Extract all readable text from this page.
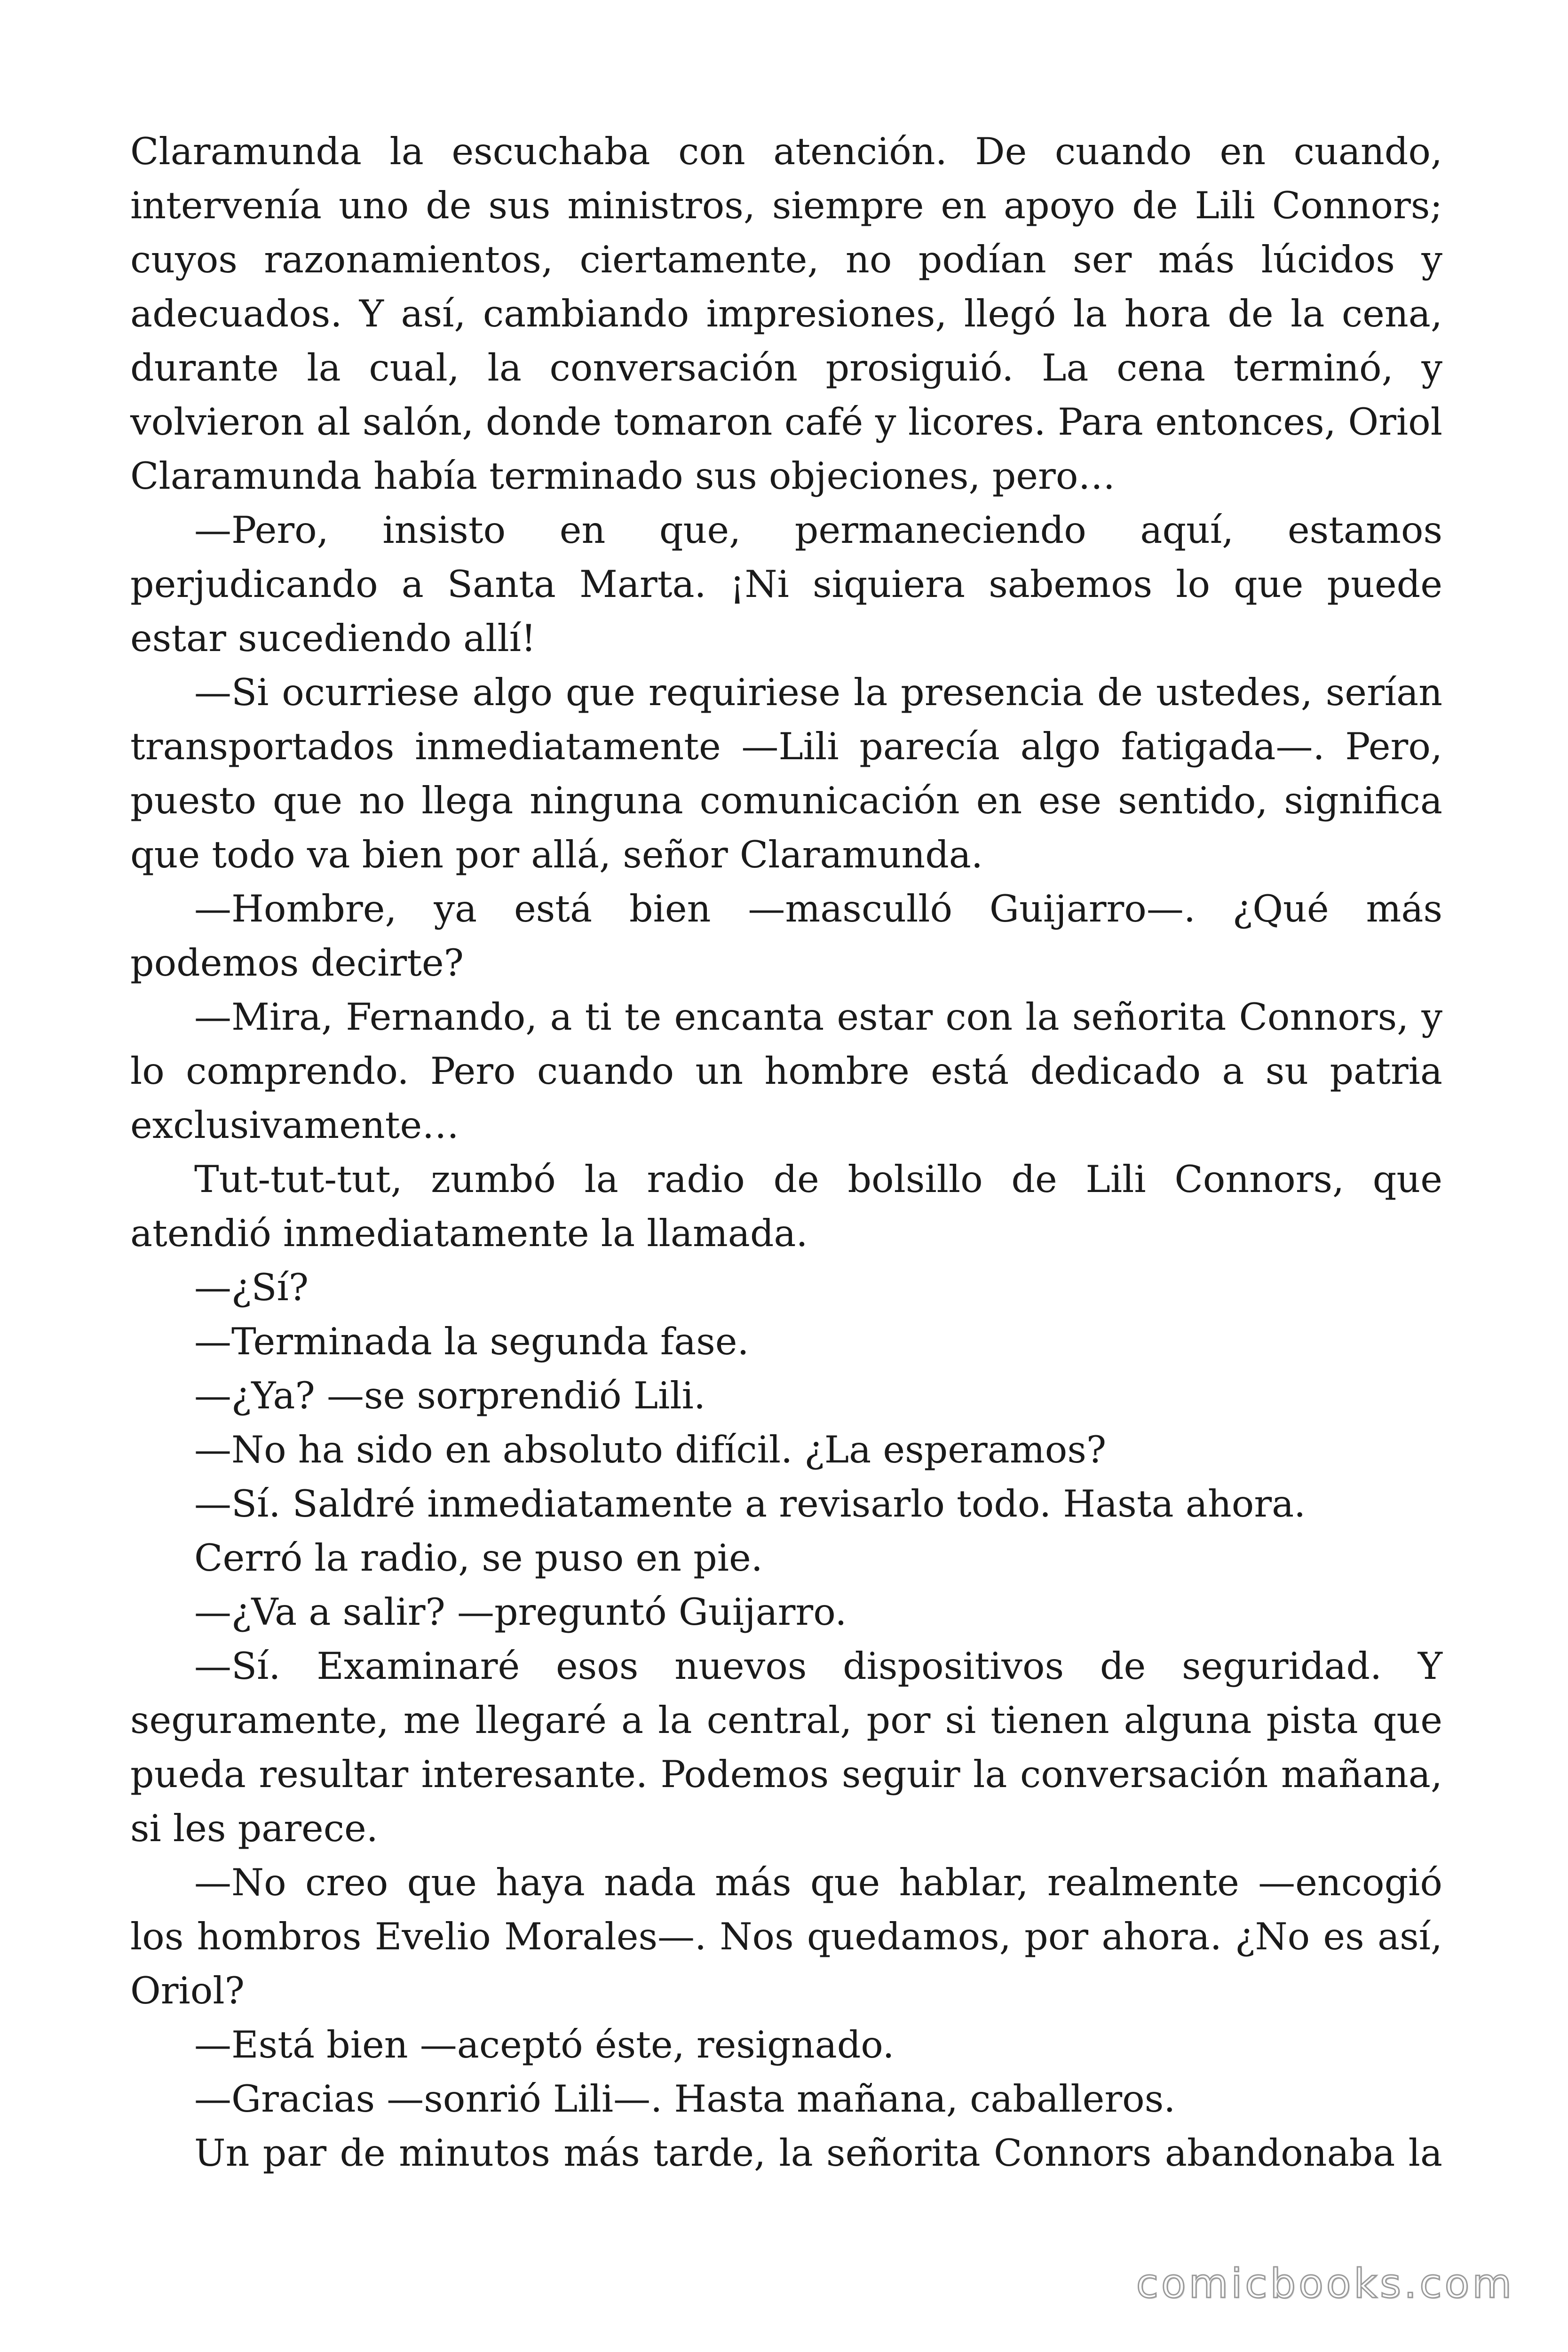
Claramunda la escuchaba con atención. De cuando en cuando, intervenía uno de sus ministros, siempre en apoyo de Lili Connors; cuyos razonamientos, ciertamente, no podían ser más lúcidos y adecuados. Y así, cambiando impresiones, llegó la hora de la cena, durante la cual, la conversación prosiguió. La cena terminó, y volvieron al salón, donde tomaron café y licores. Para entonces, Oriol Claramunda había terminado sus objeciones, pero…

—Pero, insisto en que, permaneciendo aquí, estamos perjudicando a Santa Marta. ¡Ni siquiera sabemos lo que puede estar sucediendo allí!

—Si ocurriese algo que requiriese la presencia de ustedes, serían transportados inmediatamente —Lili parecía algo fatigada—. Pero, puesto que no llega ninguna comunicación en ese sentido, significa que todo va bien por allá, señor Claramunda.

—Hombre, ya está bien —masculló Guijarro—. ¿Qué más podemos decirte?

—Mira, Fernando, a ti te encanta estar con la señorita Connors, y lo comprendo. Pero cuando un hombre está dedicado a su patria exclusivamente…

Tut-tut-tut, zumbó la radio de bolsillo de Lili Connors, que atendió inmediatamente la llamada.

—¿Sí?

—Terminada la segunda fase.

—¿Ya? —se sorprendió Lili.

—No ha sido en absoluto difícil. ¿La esperamos?

—Sí. Saldré inmediatamente a revisarlo todo. Hasta ahora.

Cerró la radio, se puso en pie.

—¿Va a salir? —preguntó Guijarro.

—Sí. Examinaré esos nuevos dispositivos de seguridad. Y seguramente, me llegaré a la central, por si tienen alguna pista que pueda resultar interesante. Podemos seguir la conversación mañana, si les parece.

—No creo que haya nada más que hablar, realmente —encogió los hombros Evelio Morales—. Nos quedamos, por ahora. ¿No es así, Oriol?

—Está bien —aceptó éste, resignado.

—Gracias —sonrió Lili—. Hasta mañana, caballeros.

Un par de minutos más tarde, la señorita Connors abandonaba la

comicbooks.com
